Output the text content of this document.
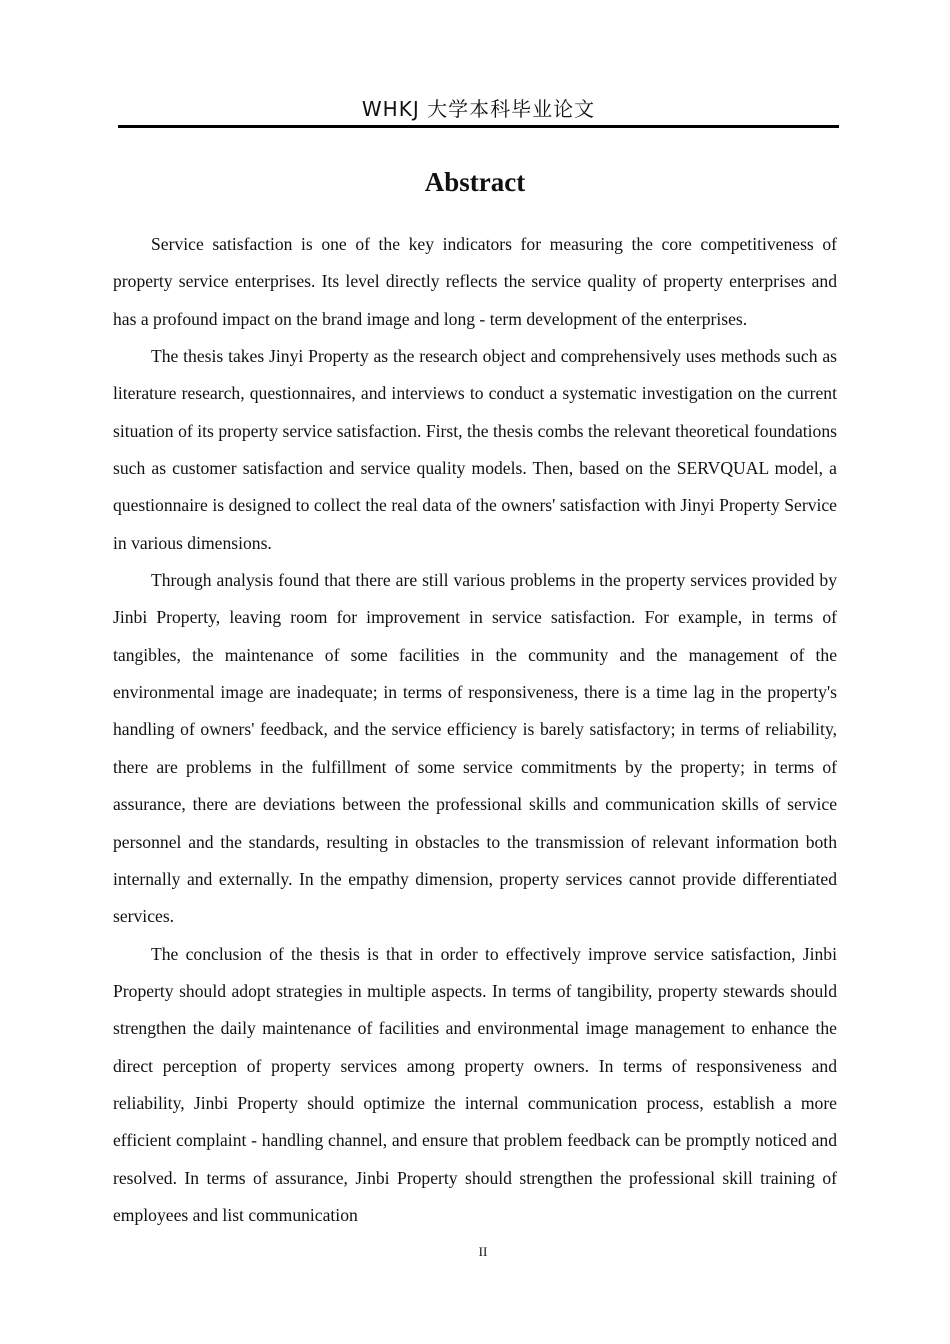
WHKJ 大学本科毕业论文
Abstract

Service satisfaction is one of the key indicators for measuring the core competitiveness of property service enterprises. Its level directly reflects the service quality of property enterprises and has a profound impact on the brand image and long - term development of the enterprises.

The thesis takes Jinyi Property as the research object and comprehensively uses methods such as literature research, questionnaires, and interviews to conduct a systematic investigation on the current situation of its property service satisfaction. First, the thesis combs the relevant theoretical foundations such as customer satisfaction and service quality models. Then, based on the SERVQUAL model, a questionnaire is designed to collect the real data of the owners' satisfaction with Jinyi Property Service in various dimensions.

Through analysis found that there are still various problems in the property services provided by Jinbi Property, leaving room for improvement in service satisfaction. For example, in terms of tangibles, the maintenance of some facilities in the community and the management of the environmental image are inadequate; in terms of responsiveness, there is a time lag in the property's handling of owners' feedback, and the service efficiency is barely satisfactory; in terms of reliability, there are problems in the fulfillment of some service commitments by the property; in terms of assurance, there are deviations between the professional skills and communication skills of service personnel and the standards, resulting in obstacles to the transmission of relevant information both internally and externally. In the empathy dimension, property services cannot provide differentiated services.

The conclusion of the thesis is that in order to effectively improve service satisfaction, Jinbi Property should adopt strategies in multiple aspects. In terms of tangibility, property stewards should strengthen the daily maintenance of facilities and environmental image management to enhance the direct perception of property services among property owners. In terms of responsiveness and reliability, Jinbi Property should optimize the internal communication process, establish a more efficient complaint - handling channel, and ensure that problem feedback can be promptly noticed and resolved. In terms of assurance, Jinbi Property should strengthen the professional skill training of employees and list communication

II
